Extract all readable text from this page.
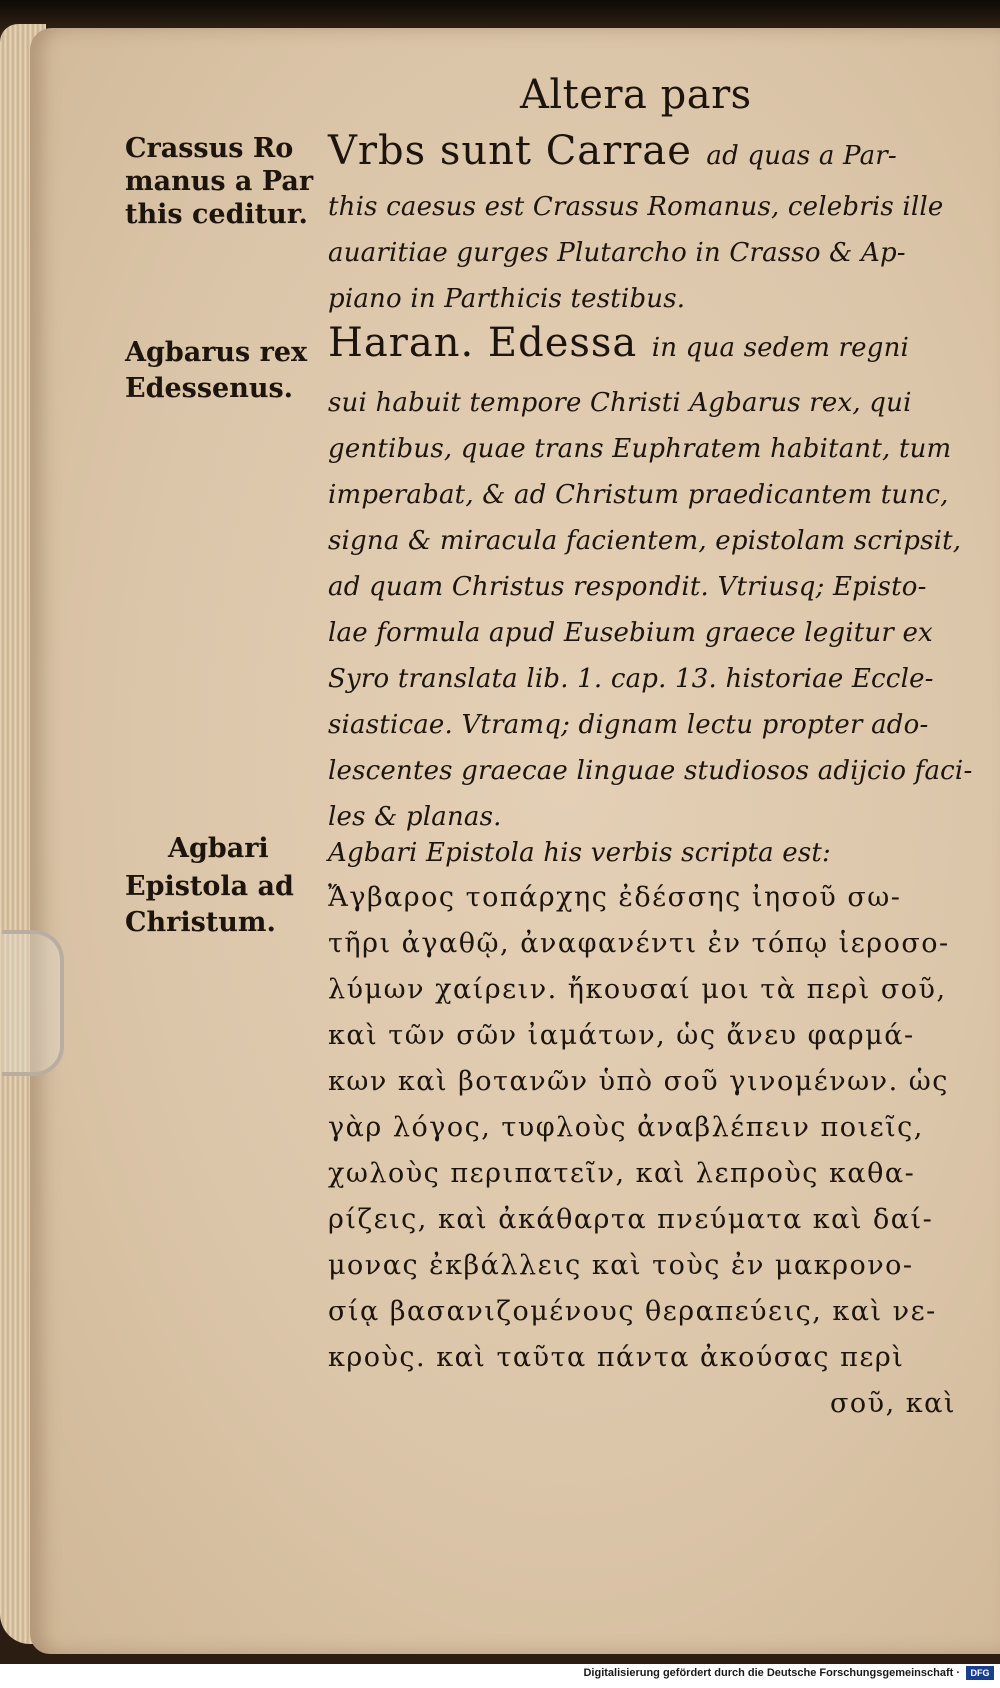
Altera pars
Crassus Ro
manus a Par
this ceditur.
Vrbs sunt Carrae ad quas a Par-
this caesus est Crassus Romanus, celebris ille
auaritiae gurges Plutarcho in Crasso & Ap-
piano in Parthicis testibus.
Agbarus rex
Edessenus.
Haran. Edessa in qua sedem regni
sui habuit tempore Christi Agbarus rex, qui
gentibus, quae trans Euphratem habitant, tum
imperabat, & ad Christum praedicantem tunc,
signa & miracula facientem, epistolam scripsit,
ad quam Christus respondit. Vtriusq; Episto-
lae formula apud Eusebium graece legitur ex
Syro translata lib. 1. cap. 13. historiae Eccle-
siasticae. Vtramq; dignam lectu propter ado-
lescentes graecae linguae studiosos adijcio faci-
les & planas.
Agbari
Epistola ad
Christum.
Agbari Epistola his verbis scripta est:
Ἄγβαρος τοπάρχης ἐδέσσης ἰησοῦ σω-
τῆρι ἀγαθῷ, ἀναφανέντι ἐν τόπῳ ἱεροσο-
λύμων χαίρειν. ἤκουσαί μοι τὰ περὶ σοῦ,
καὶ τῶν σῶν ἰαμάτων, ὡς ἄνευ φαρμά-
κων καὶ βοτανῶν ὑπὸ σοῦ γινομένων. ὡς
γὰρ λόγος, τυφλοὺς ἀναβλέπειν ποιεῖς,
χωλοὺς περιπατεῖν, καὶ λεπροὺς καθα-
ρίζεις, καὶ ἀκάθαρτα πνεύματα καὶ δαί-
μονας ἐκβάλλεις καὶ τοὺς ἐν μακρονο-
σίᾳ βασανιζομένους θεραπεύεις, καὶ νε-
κροὺς. καὶ ταῦτα πάντα ἀκούσας περὶ
σοῦ, καὶ
Digitalisierung gefördert durch die Deutsche Forschungsgemeinschaft ·	DFG
